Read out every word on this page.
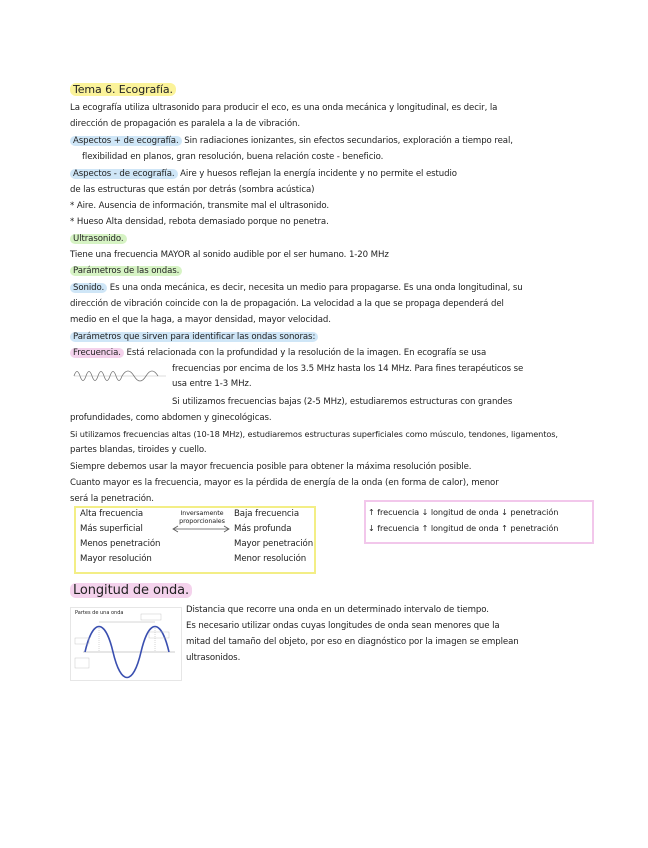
Tema 6. Ecografía.
La ecografía utiliza ultrasonido para producir el eco, es una onda mecánica y longitudinal, es decir, la
dirección de propagación es paralela a la de vibración.
Aspectos + de ecografía. Sin radiaciones ionizantes, sin efectos secundarios, exploración a tiempo real,
flexibilidad en planos, gran resolución, buena relación coste - beneficio.
Aspectos - de ecografía. Aire y huesos reflejan la energía incidente y no permite el estudio
de las estructuras que están por detrás (sombra acústica)
* Aire. Ausencia de información, transmite mal el ultrasonido.
* Hueso Alta densidad, rebota demasiado porque no penetra.
Ultrasonido.
Tiene una frecuencia MAYOR al sonido audible por el ser humano. 1-20 MHz
Parámetros de las ondas.
Sonido. Es una onda mecánica, es decir, necesita un medio para propagarse. Es una onda longitudinal, su
dirección de vibración coincide con la de propagación. La velocidad a la que se propaga dependerá del
medio en el que la haga, a mayor densidad, mayor velocidad.
Parámetros que sirven para identificar las ondas sonoras:
Frecuencia. Está relacionada con la profundidad y la resolución de la imagen. En ecografía se usa
frecuencias por encima de los 3.5 MHz hasta los 14 MHz. Para fines terapéuticos se
usa entre 1-3 MHz.
Si utilizamos frecuencias bajas (2-5 MHz), estudiaremos estructuras con grandes
profundidades, como abdomen y ginecológicas.
Si utilizamos frecuencias altas (10-18 MHz), estudiaremos estructuras superficiales como músculo, tendones, ligamentos,
partes blandas, tiroides y cuello.
Siempre debemos usar la mayor frecuencia posible para obtener la máxima resolución posible.
Cuanto mayor es la frecuencia, mayor es la pérdida de energía de la onda (en forma de calor), menor
será la penetración.
Alta frecuencia
Más superficial
Menos penetración
Mayor resolución
Inversamente proporcionales
Baja frecuencia
Más profunda
Mayor penetración
Menor resolución
↑ frecuencia ↓ longitud de onda ↓ penetración
↓ frecuencia ↑ longitud de onda ↑ penetración
Longitud de onda.
Partes de una onda	Distancia que recorre una onda en un determinado intervalo de tiempo.
Es necesario utilizar ondas cuyas longitudes de onda sean menores que la
mitad del tamaño del objeto, por eso en diagnóstico por la imagen se emplean
ultrasonidos.
